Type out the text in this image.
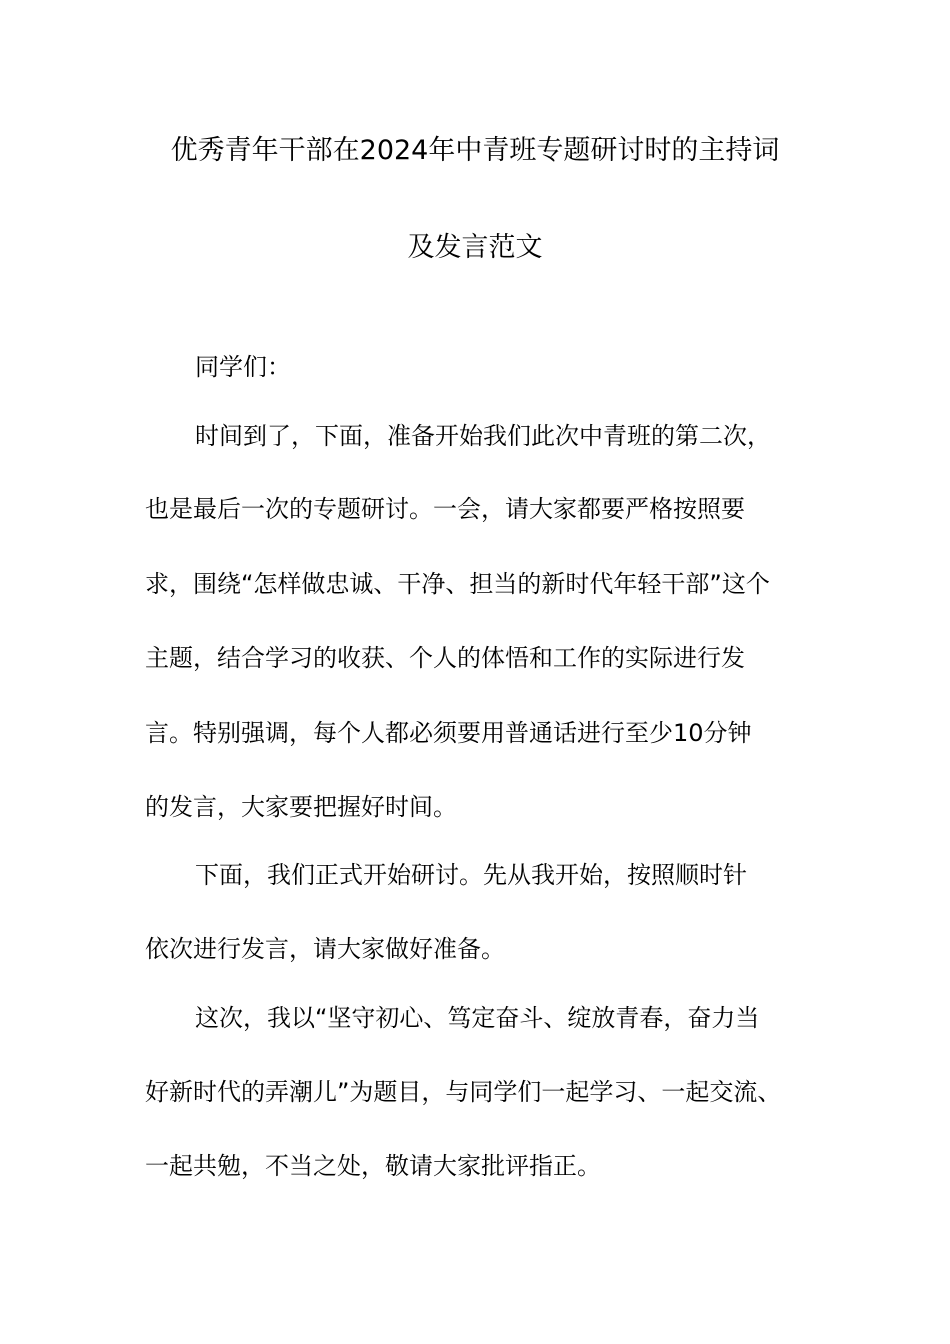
优秀青年干部在2024年中青班专题研讨时的主持词
及发言范文
同学们：
时间到了，下面，准备开始我们此次中青班的第二次，
也是最后一次的专题研讨。一会，请大家都要严格按照要
求，围绕“怎样做忠诚、干净、担当的新时代年轻干部”这个
主题，结合学习的收获、个人的体悟和工作的实际进行发
言。特别强调，每个人都必须要用普通话进行至少10分钟
的发言，大家要把握好时间。
下面，我们正式开始研讨。先从我开始，按照顺时针
依次进行发言，请大家做好准备。
这次，我以“坚守初心、笃定奋斗、绽放青春，奋力当
好新时代的弄潮儿”为题目，与同学们一起学习、一起交流、
一起共勉，不当之处，敬请大家批评指正。
